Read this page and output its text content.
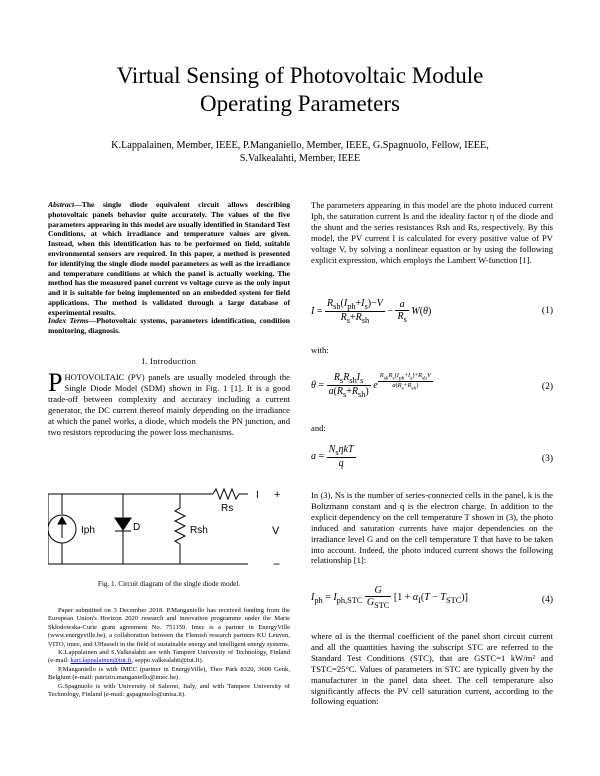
Virtual Sensing of Photovoltaic Module
Operating Parameters
K.Lappalainen, Member, IEEE, P.Manganiello, Member, IEEE, G.Spagnuolo, Fellow, IEEE,
S.Valkealahti, Member, IEEE
Abstract—The single diode equivalent circuit allows describing photovoltaic panels behavior quite accurately. The values of the five parameters appearing in this model are usually identified in Standard Test Conditions, at which irradiance and temperature values are given. Instead, when this identification has to be performed on field, suitable environmental sensors are required. In this paper, a method is presented for identifying the single diode model parameters as well as the irradiance and temperature conditions at which the panel is actually working. The method has the measured panel current vs voltage curve as the only input and it is suitable for being implemented on an embedded system for field applications. The method is validated through a large database of experimental results.
Index Terms—Photovoltaic systems, parameters identification, condition monitoring, diagnosis.
I. Introduction
PHOTOVOLTAIC (PV) panels are usually modeled through the Single Diode Model (SDM) shown in Fig. 1 [1]. It is a good trade-off between complexity and accuracy including a current generator, the DC current thereof mainly depending on the irradiance at which the panel works, a diode, which models the PN junction, and two resistors reproducing the power loss mechanisms.
Iph	D	Rsh
Rs
I +
V
−
Fig. 1. Circuit diagram of the single diode model.

Paper submitted on 3 December 2018. P.Manganiello has received funding from the European Union's Horizon 2020 research and innovation programme under the Marie Skłodowska-Curie grant agreement No. 751159. Imec is a partner in EnergyVille (www.energyville.be), a collaboration between the Flemish research partners KU Leuven, VITO, imec, and UHasselt in the field of sustainable energy and intelligent energy systems.

K.Lappalainen and S.Valkealahti are with Tampere University of Technology, Finland (e-mail: kari.lappalainen@tut.fi, seppo.valkealahti@tut.fi).

P.Manganiello is with IMEC (partner in EnergyVille), Thor Park 8320, 3600 Genk, Belgium (e-mail: patrizio.manganiello@imec.be).

G.Spagnuolo is with University of Salerno, Italy, and with Tampere University of Technology, Finland (e-mail: gspagnuolo@unisa.it).

The parameters appearing in this model are the photo induced current Iph, the saturation current Is and the ideality factor η of the diode and the shunt and the series resistances Rsh and Rs, respectively. By this model, the PV current I is calculated for every positive value of PV voltage V, by solving a nonlinear equation or by using the following explicit expression, which employs the Lambert W-function [1].
$I = \frac{R_{sh}(I_{ph}+I_s)-V}{R_s+R_{sh}} - \frac{a}{R_s} W(\theta)$	(1)
with:
$\theta = \frac{R_sR_{sh}I_s}{a(R_s+R_{sh})}$ e $^{\frac{R_{sh}R_s(I_{ph}+I_s)+R_{sh}V}{a(R_s+R_{sh})}}$	(2)
and:
$a = \frac{N_s\eta kT}{q}$	(3)
In (3), Ns is the number of series-connected cells in the panel, k is the Boltzmann constant and q is the electron charge. In addition to the explicit dependency on the cell temperature T shown in (3), the photo induced and saturation currents have major dependencies on the irradiance level G and on the cell temperature T that have to be taken into account. Indeed, the photo induced current shows the following relationship [1]:
$I_{ph} = I_{ph,STC} \frac{G}{G_{STC}} [1 + \alpha_I(T - T_{STC})]$	(4)
where αI is the thermal coefficient of the panel short circuit current and all the quantities having the subscript STC are referred to the Standard Test Conditions (STC), that are GSTC=1 kW/m² and TSTC=25°C. Values of parameters in STC are typically given by the manufacturer in the panel data sheet. The cell temperature also significantly affects the PV cell saturation current, according to the following equation:
